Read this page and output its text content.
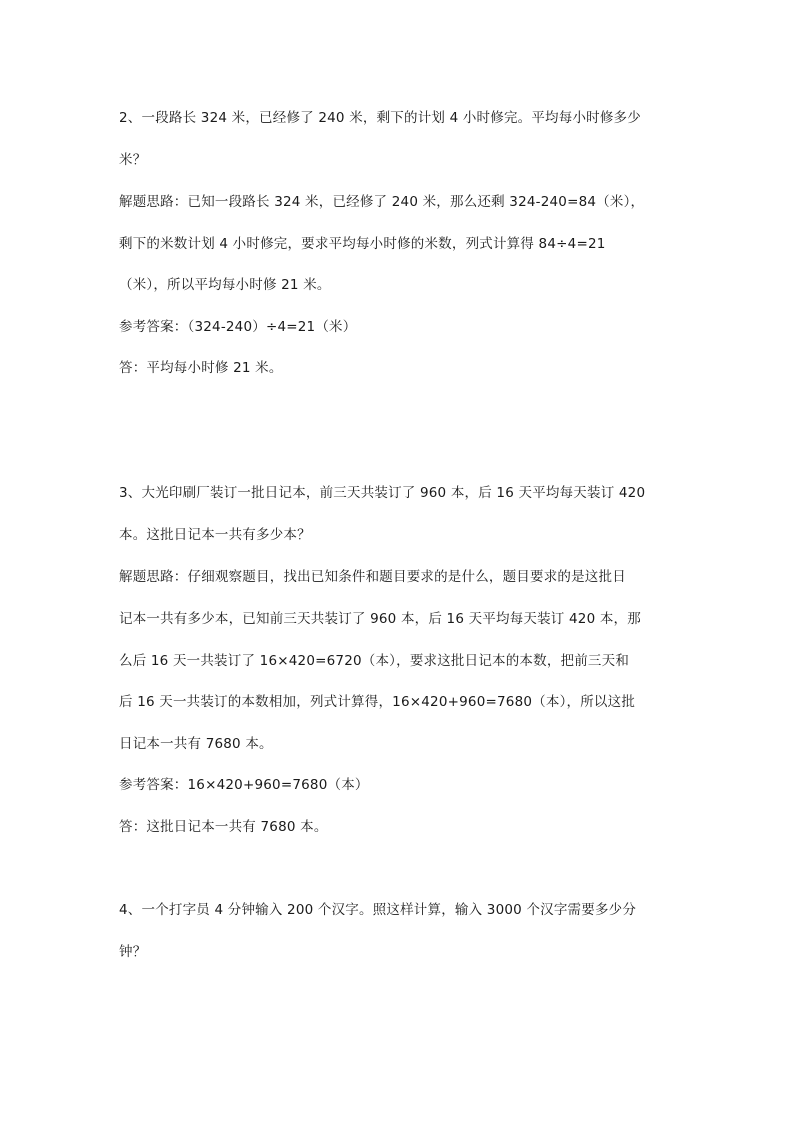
2、一段路长 324 米，已经修了 240 米，剩下的计划 4 小时修完。平均每小时修多少
米？
解题思路：已知一段路长 324 米，已经修了 240 米，那么还剩 324-240=84（米），
剩下的米数计划 4 小时修完，要求平均每小时修的米数，列式计算得 84÷4=21
（米），所以平均每小时修 21 米。
参考答案：（324-240）÷4=21（米）
答：平均每小时修 21 米。
3、大光印刷厂装订一批日记本，前三天共装订了 960 本，后 16 天平均每天装订 420
本。这批日记本一共有多少本？
解题思路：仔细观察题目，找出已知条件和题目要求的是什么，题目要求的是这批日
记本一共有多少本，已知前三天共装订了 960 本，后 16 天平均每天装订 420 本，那
么后 16 天一共装订了 16×420=6720（本），要求这批日记本的本数，把前三天和
后 16 天一共装订的本数相加，列式计算得，16×420+960=7680（本），所以这批
日记本一共有 7680 本。
参考答案：16×420+960=7680（本）
答：这批日记本一共有 7680 本。
4、一个打字员 4 分钟输入 200 个汉字。照这样计算，输入 3000 个汉字需要多少分
钟？
